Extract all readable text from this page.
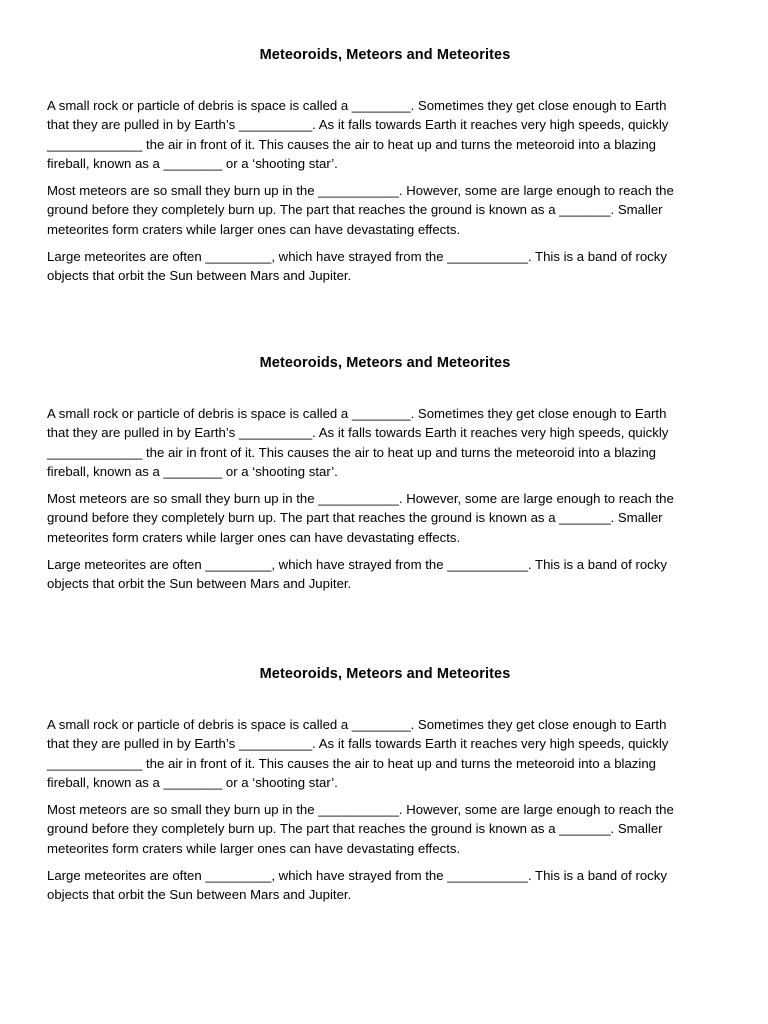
Meteoroids, Meteors and Meteorites

A small rock or particle of debris is space is called a ________. Sometimes they get close enough to Earth
that they are pulled in by Earth’s __________. As it falls towards Earth it reaches very high speeds, quickly
_____________ the air in front of it. This causes the air to heat up and turns the meteoroid into a blazing
fireball, known as a ________ or a ‘shooting star’.

Most meteors are so small they burn up in the ___________. However, some are large enough to reach the
ground before they completely burn up. The part that reaches the ground is known as a _______. Smaller
meteorites form craters while larger ones can have devastating effects.

Large meteorites are often _________, which have strayed from the ___________. This is a band of rocky
objects that orbit the Sun between Mars and Jupiter.

Meteoroids, Meteors and Meteorites

A small rock or particle of debris is space is called a ________. Sometimes they get close enough to Earth
that they are pulled in by Earth’s __________. As it falls towards Earth it reaches very high speeds, quickly
_____________ the air in front of it. This causes the air to heat up and turns the meteoroid into a blazing
fireball, known as a ________ or a ‘shooting star’.

Most meteors are so small they burn up in the ___________. However, some are large enough to reach the
ground before they completely burn up. The part that reaches the ground is known as a _______. Smaller
meteorites form craters while larger ones can have devastating effects.

Large meteorites are often _________, which have strayed from the ___________. This is a band of rocky
objects that orbit the Sun between Mars and Jupiter.

Meteoroids, Meteors and Meteorites

A small rock or particle of debris is space is called a ________. Sometimes they get close enough to Earth
that they are pulled in by Earth’s __________. As it falls towards Earth it reaches very high speeds, quickly
_____________ the air in front of it. This causes the air to heat up and turns the meteoroid into a blazing
fireball, known as a ________ or a ‘shooting star’.

Most meteors are so small they burn up in the ___________. However, some are large enough to reach the
ground before they completely burn up. The part that reaches the ground is known as a _______. Smaller
meteorites form craters while larger ones can have devastating effects.

Large meteorites are often _________, which have strayed from the ___________. This is a band of rocky
objects that orbit the Sun between Mars and Jupiter.
